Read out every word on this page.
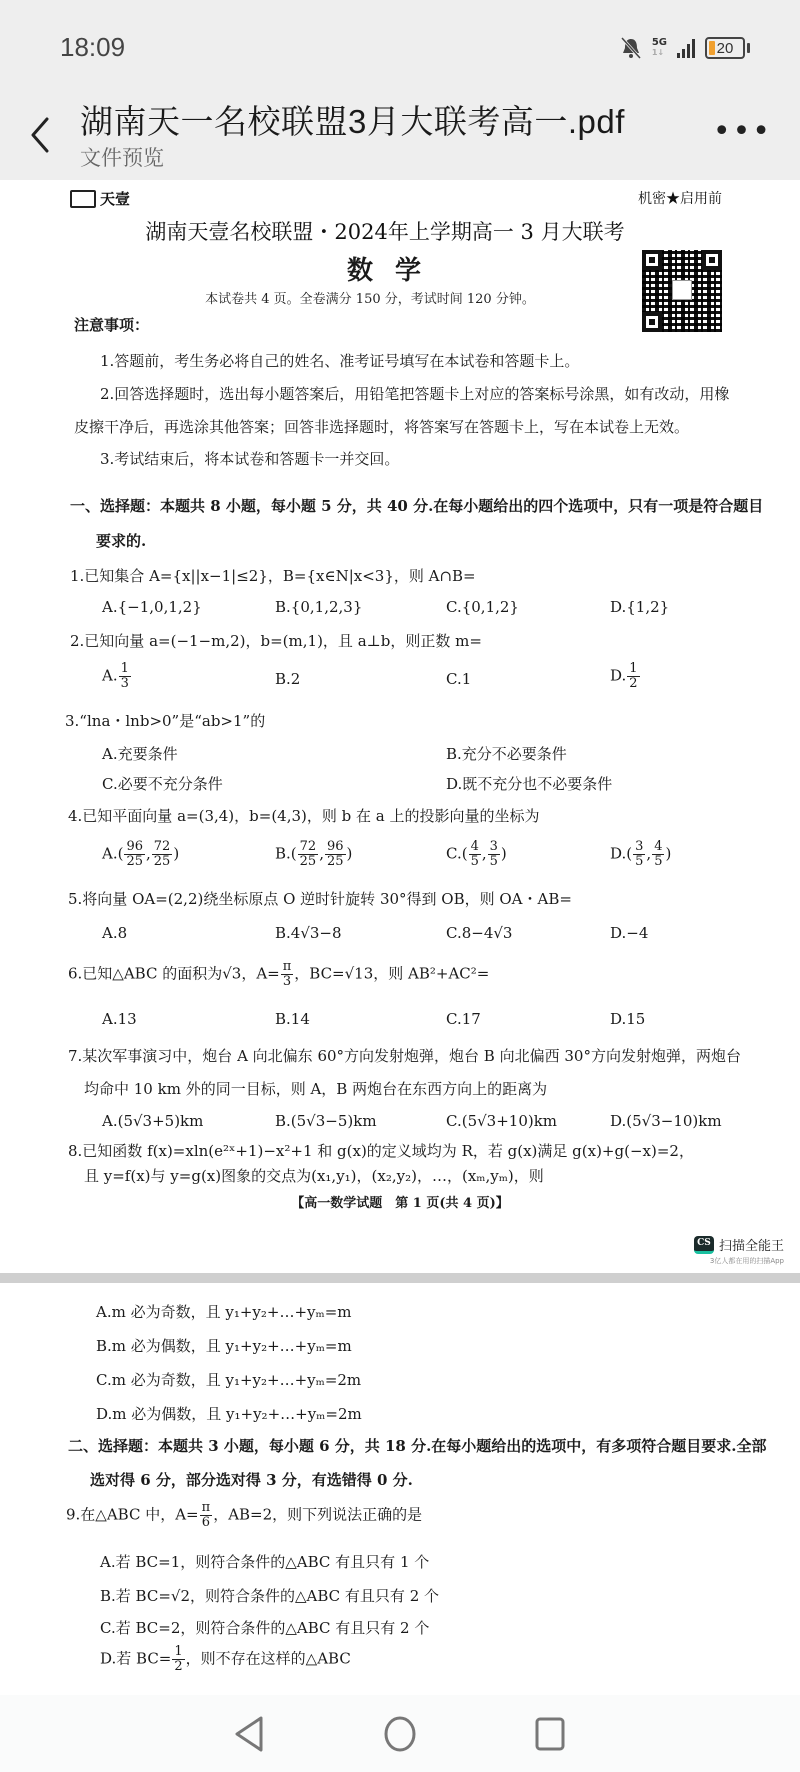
18:09	5G
1↓	20
湖南天一名校联盟3月大联考高一.pdf
文件预览
•••
天壹	机密★启用前
湖南天壹名校联盟・2024年上学期高一 3 月大联考
数学
本试卷共 4 页。全卷满分 150 分，考试时间 120 分钟。
注意事项：
1.答题前，考生务必将自己的姓名、准考证号填写在本试卷和答题卡上。
2.回答选择题时，选出每小题答案后，用铅笔把答题卡上对应的答案标号涂黑，如有改动，用橡
皮擦干净后，再选涂其他答案；回答非选择题时，将答案写在答题卡上，写在本试卷上无效。
3.考试结束后，将本试卷和答题卡一并交回。
一、选择题：本题共 8 小题，每小题 5 分，共 40 分.在每小题给出的四个选项中，只有一项是符合题目
要求的.
1.已知集合 A={x||x−1|≤2}，B={x∈N|x<3}，则 A∩B=
A.{−1,0,1,2}	B.{0,1,2,3}	C.{0,1,2}	D.{1,2}
2.已知向量 a=(−1−m,2)，b=(m,1)，且 a⊥b，则正数 m=
A. $\frac{1}{3}$	B.2	C.1	D. $\frac{1}{2}$
3.“lna・lnb>0”是“ab>1”的
A.充要条件	B.充分不必要条件
C.必要不充分条件	D.既不充分也不必要条件
4.已知平面向量 a=(3,4)，b=(4,3)，则 b 在 a 上的投影向量的坐标为
$A.( \frac{96}{25}$ , $\frac{72}{25}$ )	$B.( \frac{72}{25}$ , $\frac{96}{25}$ )	$C.( \frac{4}{5}$ , $\frac{3}{5}$ )	$D.( \frac{3}{5}$ , $\frac{4}{5}$ )
5.将向量 OA=(2,2)绕坐标原点 O 逆时针旋转 30°得到 OB，则 OA・AB=
A.8	B.4√3−8	C.8−4√3	D.−4
6.已知△ABC 的面积为√3，$A= \frac{\pi}{3}$ ，BC=√13，则 AB²+AC²=
A.13	B.14	C.17	D.15
7.某次军事演习中，炮台 A 向北偏东 60°方向发射炮弹，炮台 B 向北偏西 30°方向发射炮弹，两炮台
均命中 10 km 外的同一目标，则 A，B 两炮台在东西方向上的距离为
A.(5√3+5)km	B.(5√3−5)km	C.(5√3+10)km	D.(5√3−10)km
8.已知函数 f(x)=xln(e²ˣ+1)−x²+1 和 g(x)的定义域均为 R，若 g(x)满足 g(x)+g(−x)=2，
且 y=f(x)与 y=g(x)图象的交点为(x₁,y₁)，(x₂,y₂)，…，(xₘ,yₘ)，则
【高一数学试题　第 1 页(共 4 页)】
CS 扫描全能王
3亿人都在用的扫描App
A.m 必为奇数，且 y₁+y₂+…+yₘ=m
B.m 必为偶数，且 y₁+y₂+…+yₘ=m
C.m 必为奇数，且 y₁+y₂+…+yₘ=2m
D.m 必为偶数，且 y₁+y₂+…+yₘ=2m
二、选择题：本题共 3 小题，每小题 6 分，共 18 分.在每小题给出的选项中，有多项符合题目要求.全部
选对得 6 分，部分选对得 3 分，有选错得 0 分.
9.在△ABC 中，$A= \frac{\pi}{6}$ ，AB=2，则下列说法正确的是
A.若 BC=1，则符合条件的△ABC 有且只有 1 个
B.若 BC=√2，则符合条件的△ABC 有且只有 2 个
C.若 BC=2，则符合条件的△ABC 有且只有 2 个
D.若 $BC= \frac{1}{2}$ ，则不存在这样的△ABC
